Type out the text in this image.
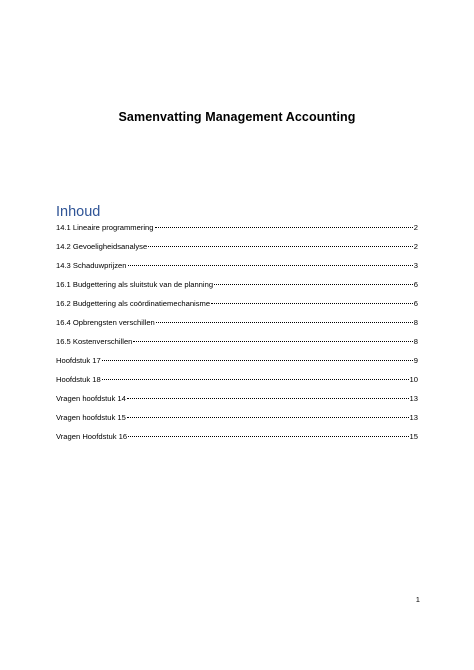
Samenvatting Management Accounting
Inhoud
14.1 Lineaire programmering	2
14.2 Gevoeligheidsanalyse	2
14.3 Schaduwprijzen	3
16.1 Budgettering als sluitstuk van de planning	6
16.2 Budgettering als coördinatiemechanisme	6
16.4 Opbrengsten verschillen	8
16.5 Kostenverschillen	8
Hoofdstuk 17	9
Hoofdstuk 18	10
Vragen hoofdstuk 14	13
Vragen hoofdstuk 15	13
Vragen Hoofdstuk 16	15
1
